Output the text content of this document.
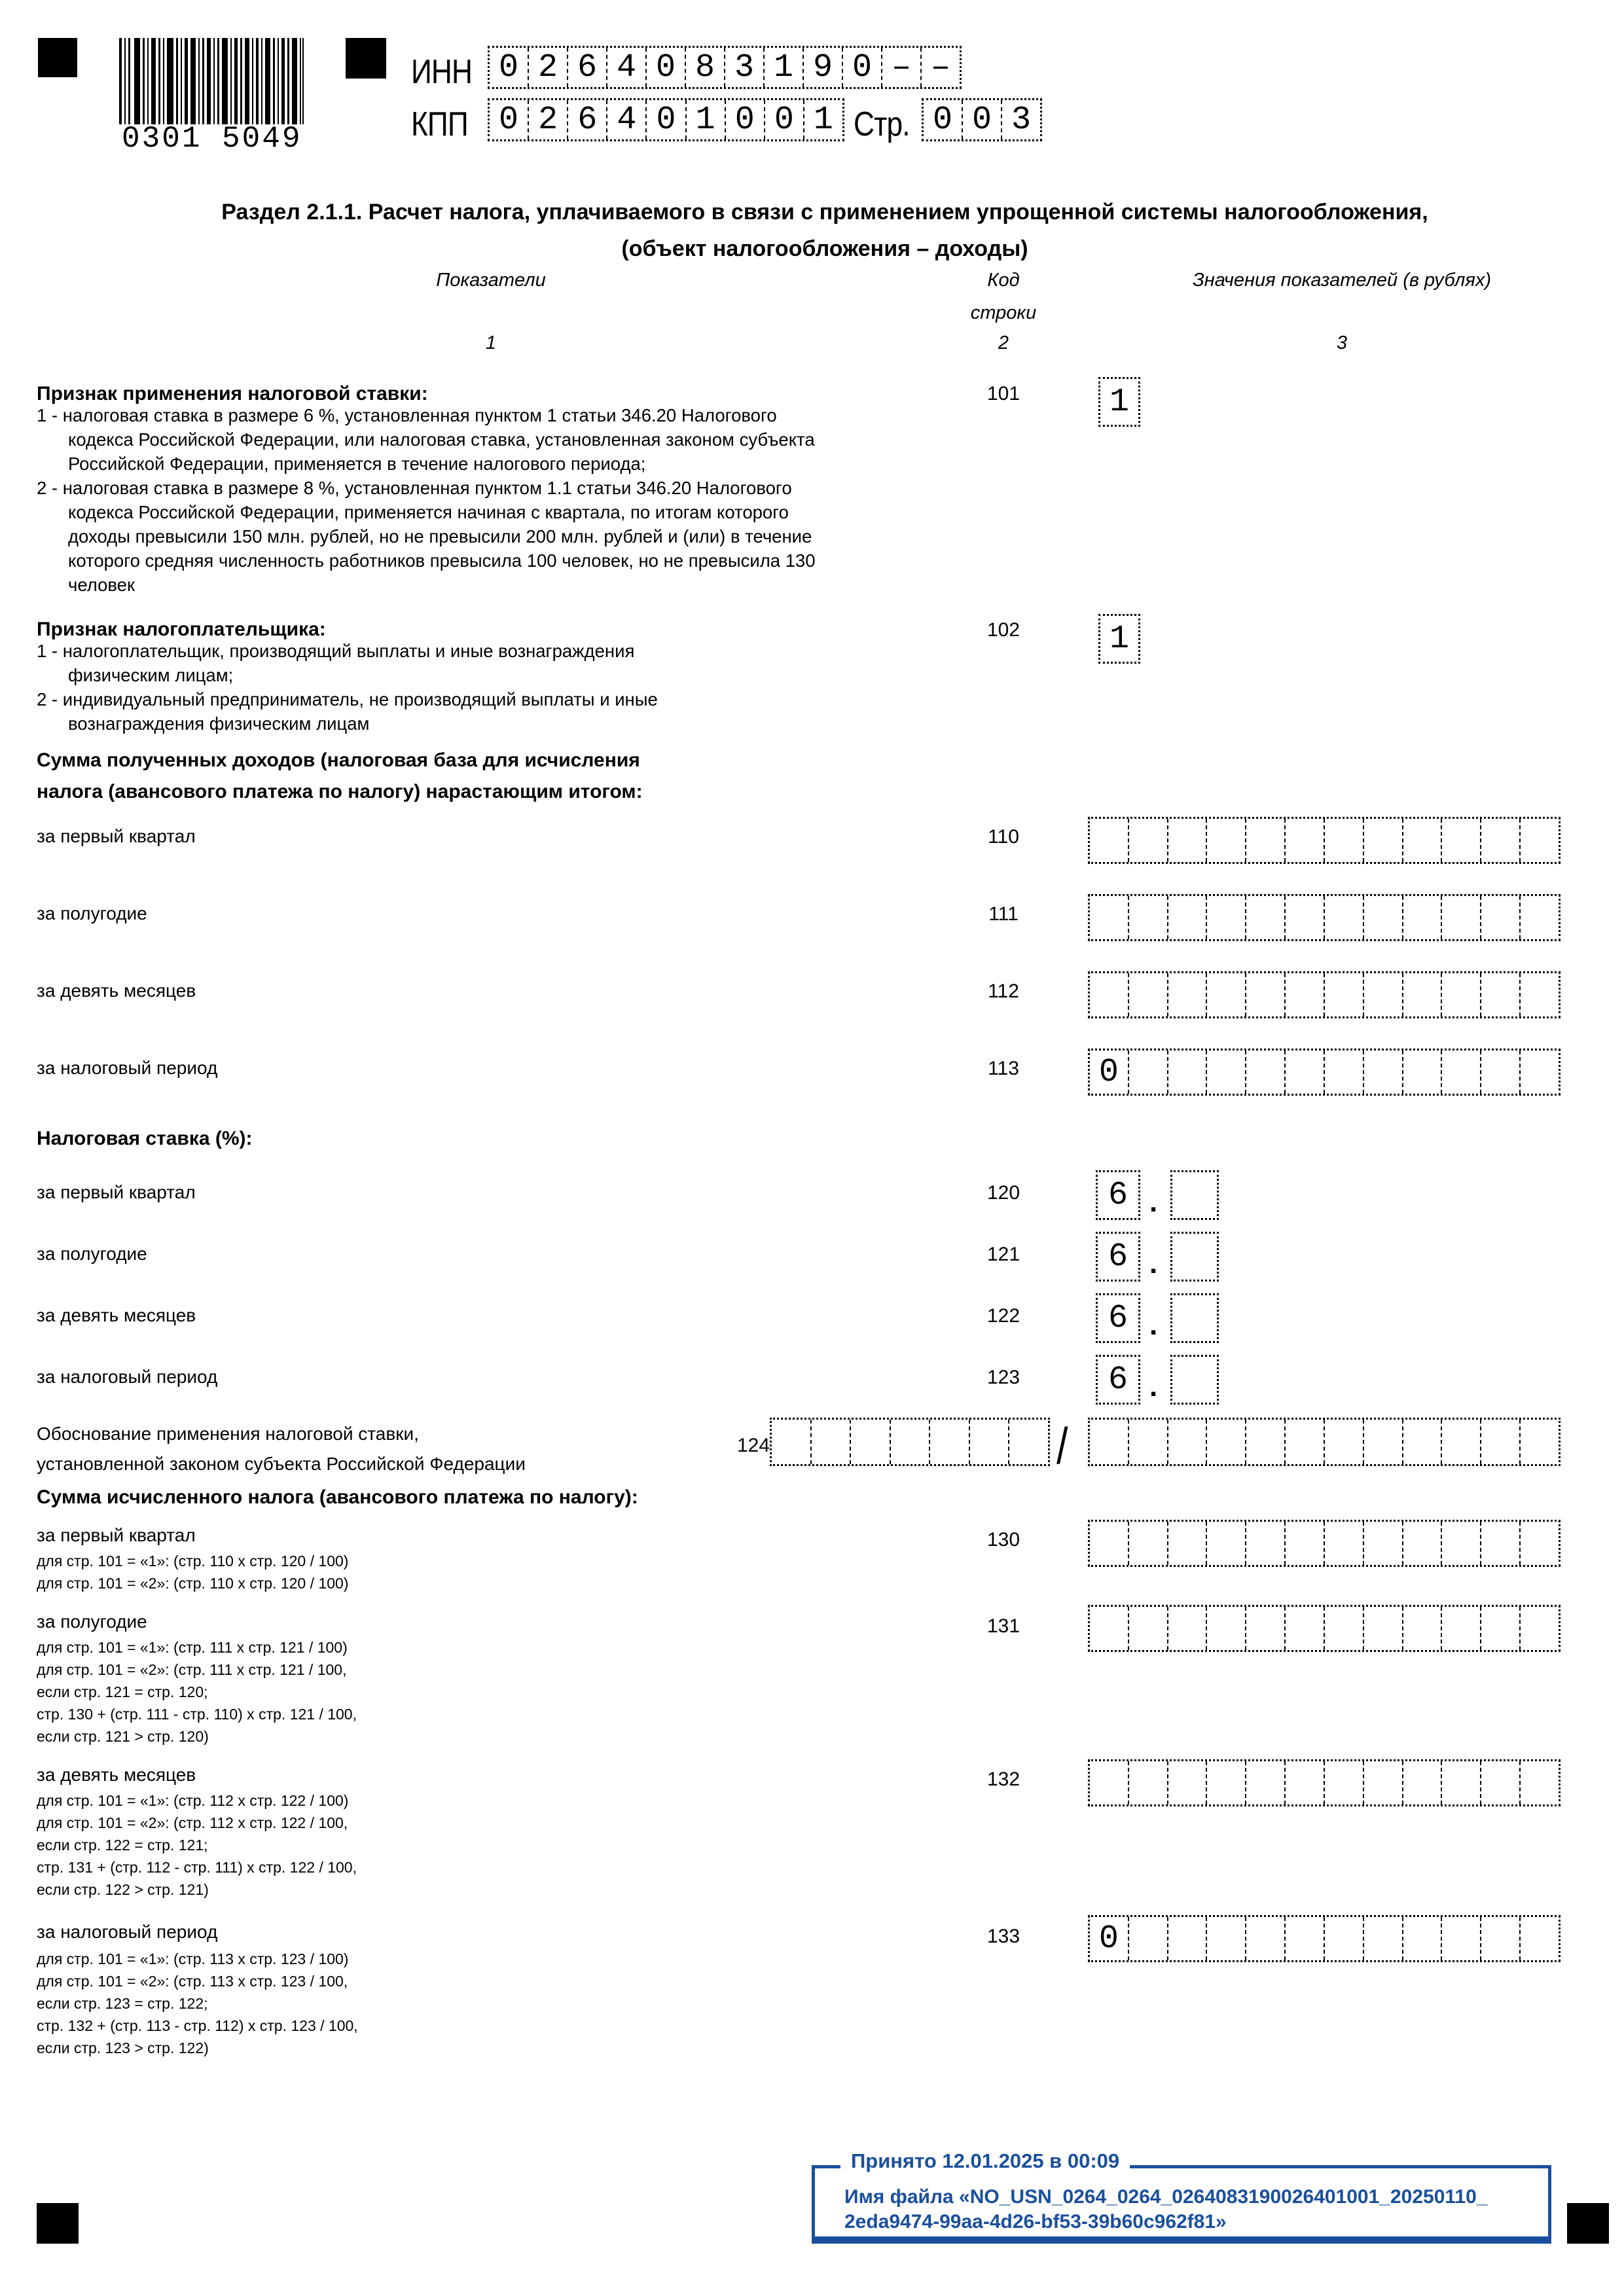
0301 5049
ИНН 0 2 6 4 0 8 3 1 9 0 – –
КПП 0 2 6 4 0 1 0 0 1 Стр. 0 0 3
Раздел 2.1.1. Расчет налога, уплачиваемого в связи с применением упрощенной системы налогообложения,
(объект налогообложения – доходы)
Показатели	Код
строки
Значения показателей (в рублях)
1	2	3
Признак применения налоговой ставки:	101	1
1 - налоговая ставка в размере 6 %, установленная пунктом 1 статьи 346.20 Налогового
кодекса Российской Федерации, или налоговая ставка, установленная законом субъекта
Российской Федерации, применяется в течение налогового периода;
2 - налоговая ставка в размере 8 %, установленная пунктом 1.1 статьи 346.20 Налогового
кодекса Российской Федерации, применяется начиная с квартала, по итогам которого
доходы превысили 150 млн. рублей, но не превысили 200 млн. рублей и (или) в течение
которого средняя численность работников превысила 100 человек, но не превысила 130
человек
Признак налогоплательщика:	102	1
1 - налогоплательщик, производящий выплаты и иные вознаграждения
физическим лицам;
2 - индивидуальный предприниматель, не производящий выплаты и иные
вознаграждения физическим лицам
Сумма полученных доходов (налоговая база для исчисления
налога (авансового платежа по налогу) нарастающим итогом:
за первый квартал	110
за полугодие	111
за девять месяцев	112
за налоговый период	113	0
Налоговая ставка (%):
за первый квартал	120	6 .
за полугодие	121	6 .
за девять месяцев	122	6 .
за налоговый период	123	6 .
Обоснование применения налоговой ставки,
установленной законом субъекта Российской Федерации
124	/
Сумма исчисленного налога (авансового платежа по налогу):
за первый квартал	130
для стр. 101 = «1»: (стр. 110 x стр. 120 / 100)
для стр. 101 = «2»: (стр. 110 x стр. 120 / 100)
за полугодие	131
для стр. 101 = «1»: (стр. 111 x стр. 121 / 100)
для стр. 101 = «2»: (стр. 111 x стр. 121 / 100,
если стр. 121 = стр. 120;
стр. 130 + (стр. 111 - стр. 110) x стр. 121 / 100,
если стр. 121 > стр. 120)
за девять месяцев	132
для стр. 101 = «1»: (стр. 112 x стр. 122 / 100)
для стр. 101 = «2»: (стр. 112 x стр. 122 / 100,
если стр. 122 = стр. 121;
стр. 131 + (стр. 112 - стр. 111) x стр. 122 / 100,
если стр. 122 > стр. 121)
за налоговый период	133	0
для стр. 101 = «1»: (стр. 113 x стр. 123 / 100)
для стр. 101 = «2»: (стр. 113 x стр. 123 / 100,
если стр. 123 = стр. 122;
стр. 132 + (стр. 113 - стр. 112) x стр. 123 / 100,
если стр. 123 > стр. 122)
Принято 12.01.2025 в 00:09
Имя файла «NO_USN_0264_0264_0264083190026401001_20250110_
2eda9474-99aa-4d26-bf53-39b60c962f81»
